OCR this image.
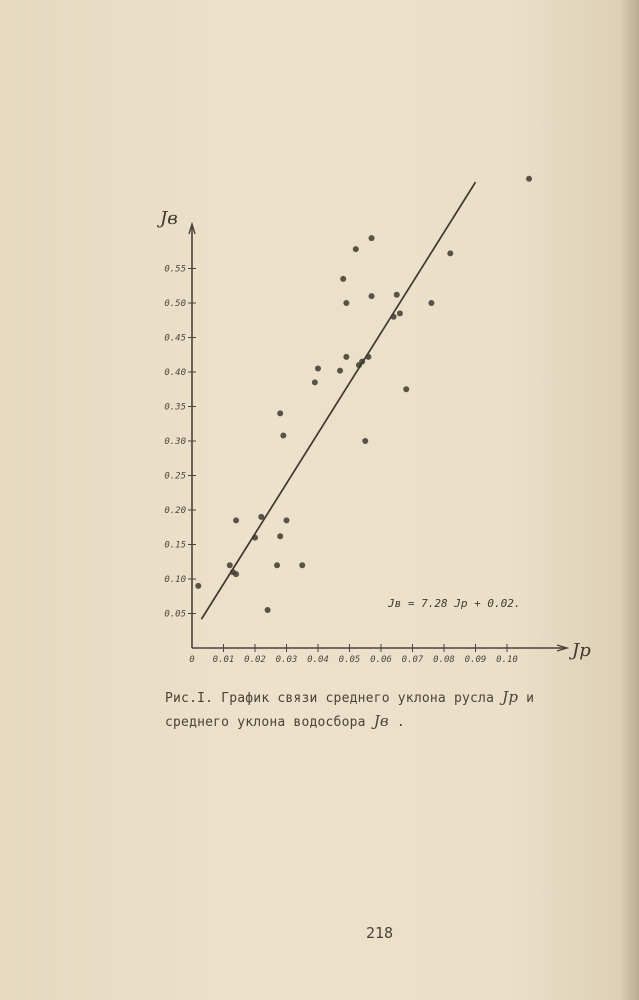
0 0.01 0.02 0.03 0.04 0.05 0.06 0.07 0.08 0.09 0.10
0.05
0.10
0.15
0.20
0.25
0.30
0.35
0.40
0.45
0.50
0.55
Jв
Jр
Jв = 7.28 Jр + 0.02.
Рис.I. График связи среднего уклона русла Jр и
среднего уклона водосбора Jв .
218
